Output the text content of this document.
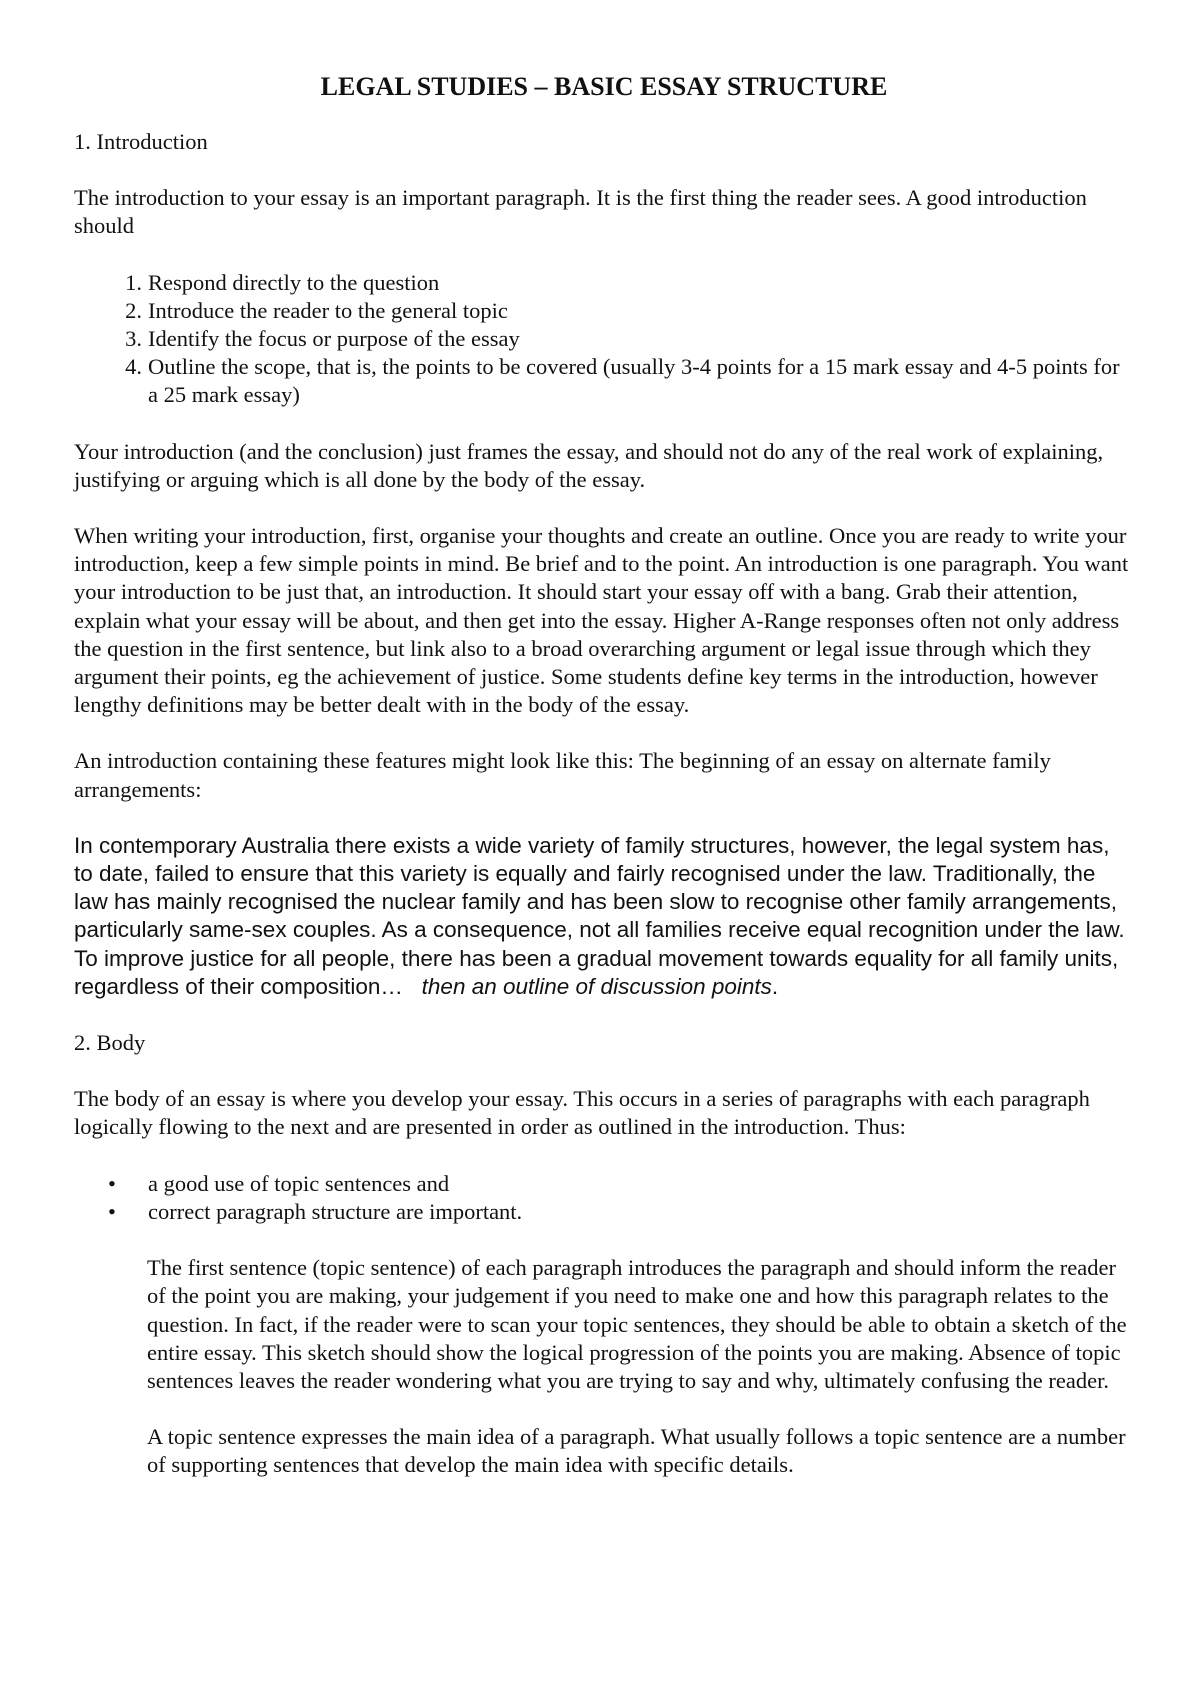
LEGAL STUDIES – BASIC ESSAY STRUCTURE
1. Introduction

The introduction to your essay is an important paragraph. It is the first thing the reader sees. A good introduction should

1. Respond directly to the question
2. Introduce the reader to the general topic
3. Identify the focus or purpose of the essay
4. Outline the scope, that is, the points to be covered (usually 3-4 points for a 15 mark essay and 4-5 points for a 25 mark essay)

Your introduction (and the conclusion) just frames the essay, and should not do any of the real work of explaining, justifying or arguing which is all done by the body of the essay.

When writing your introduction, first, organise your thoughts and create an outline. Once you are ready to write your introduction, keep a few simple points in mind. Be brief and to the point. An introduction is one paragraph. You want your introduction to be just that, an introduction. It should start your essay off with a bang. Grab their attention, explain what your essay will be about, and then get into the essay. Higher A-Range responses often not only address the question in the first sentence, but link also to a broad overarching argument or legal issue through which they argument their points, eg the achievement of justice. Some students define key terms in the introduction, however lengthy definitions may be better dealt with in the body of the essay.

An introduction containing these features might look like this: The beginning of an essay on alternate family arrangements:

In contemporary Australia there exists a wide variety of family structures, however, the legal system has, to date, failed to ensure that this variety is equally and fairly recognised under the law. Traditionally, the law has mainly recognised the nuclear family and has been slow to recognise other family arrangements, particularly same-sex couples. As a consequence, not all families receive equal recognition under the law. To improve justice for all people, there has been a gradual movement towards equality for all family units, regardless of their composition… then an outline of discussion points.

2. Body

The body of an essay is where you develop your essay. This occurs in a series of paragraphs with each paragraph logically flowing to the next and are presented in order as outlined in the introduction. Thus:

• a good use of topic sentences and
• correct paragraph structure are important.

The first sentence (topic sentence) of each paragraph introduces the paragraph and should inform the reader of the point you are making, your judgement if you need to make one and how this paragraph relates to the question. In fact, if the reader were to scan your topic sentences, they should be able to obtain a sketch of the entire essay. This sketch should show the logical progression of the points you are making. Absence of topic sentences leaves the reader wondering what you are trying to say and why, ultimately confusing the reader.

A topic sentence expresses the main idea of a paragraph. What usually follows a topic sentence are a number of supporting sentences that develop the main idea with specific details.
